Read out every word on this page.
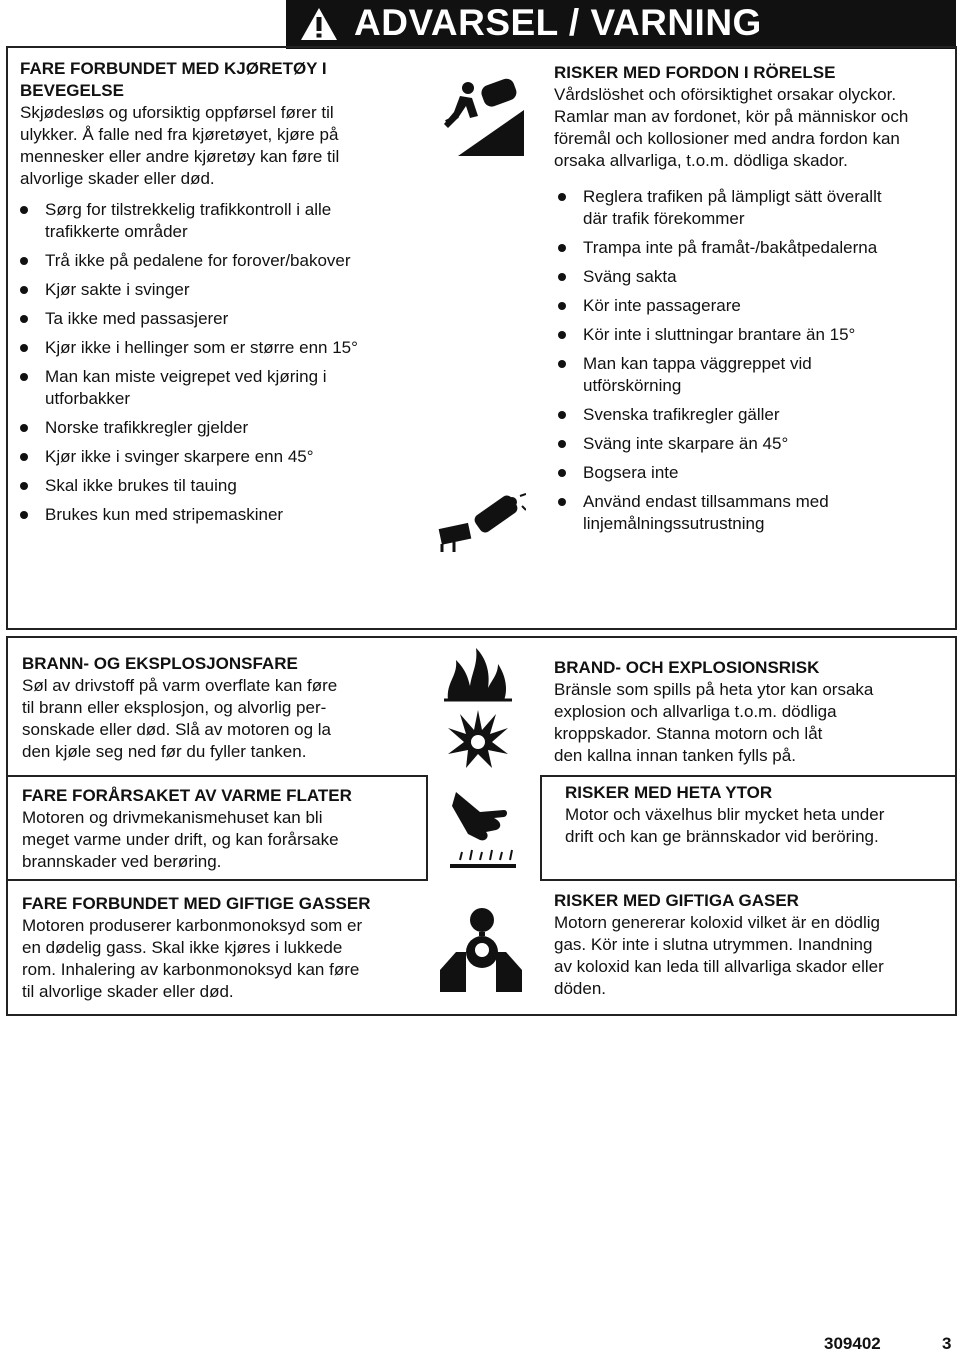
ADVARSEL / VARNING
FARE FORBUNDET MED KJØRETØY I BEVEGELSE

Skjødesløs og uforsiktig oppførsel fører til

ulykker. Å falle ned fra kjøretøyet, kjøre på

mennesker eller andre kjøretøy kan føre til

alvorlige skader eller død.

Sørg for tilstrekkelig trafikkontroll i alle trafikkerte områder
Trå ikke på pedalene for forover/bakover
Kjør sakte i svinger
Ta ikke med passasjerer
Kjør ikke i hellinger som er større enn 15°
Man kan miste veigrepet ved kjøring i utforbakker
Norske trafikkregler gjelder
Kjør ikke i svinger skarpere enn 45°
Skal ikke brukes til tauing
Brukes kun med stripemaskiner
RISKER MED FORDON I RÖRELSE

Vårdslöshet och oförsiktighet orsakar olyckor.

Ramlar man av fordonet, kör på människor och

föremål och kollosioner med andra fordon kan

orsaka allvarliga, t.o.m. dödliga skador.

Reglera trafiken på lämpligt sätt överallt där trafik förekommer
Trampa inte på framåt-/bakåtpedalerna
Sväng sakta
Kör inte passagerare
Kör inte i sluttningar brantare än 15°
Man kan tappa väggreppet vid utförskörning
Svenska trafikregler gäller
Sväng inte skarpare än 45°
Bogsera inte
Använd endast tillsammans med linjemålningssutrustning
BRANN- OG EKSPLOSJONSFARE

Søl av drivstoff på varm overflate kan føre

til brann eller eksplosjon, og alvorlig per-

sonskade eller død. Slå av motoren og la

den kjøle seg ned før du fyller tanken.

BRAND- OCH EXPLOSIONSRISK

Bränsle som spills på heta ytor kan orsaka

explosion och allvarliga t.o.m. dödliga

kroppskador. Stanna motorn och låt

den kallna innan tanken fylls på.

FARE FORÅRSAKET AV VARME FLATER

Motoren og drivmekanismehuset kan bli

meget varme under drift, og kan forårsake

brannskader ved berøring.

RISKER MED HETA YTOR

Motor och växelhus blir mycket heta under

drift och kan ge brännskador vid beröring.

FARE FORBUNDET MED GIFTIGE GASSER

Motoren produserer karbonmonoksyd som er

en dødelig gass. Skal ikke kjøres i lukkede

rom. Inhalering av karbonmonoksyd kan føre

til alvorlige skader eller død.

RISKER MED GIFTIGA GASER

Motorn genererar koloxid vilket är en dödlig

gas. Kör inte i slutna utrymmen. Inandning

av koloxid kan leda till allvarliga skador eller

döden.

309402	3
